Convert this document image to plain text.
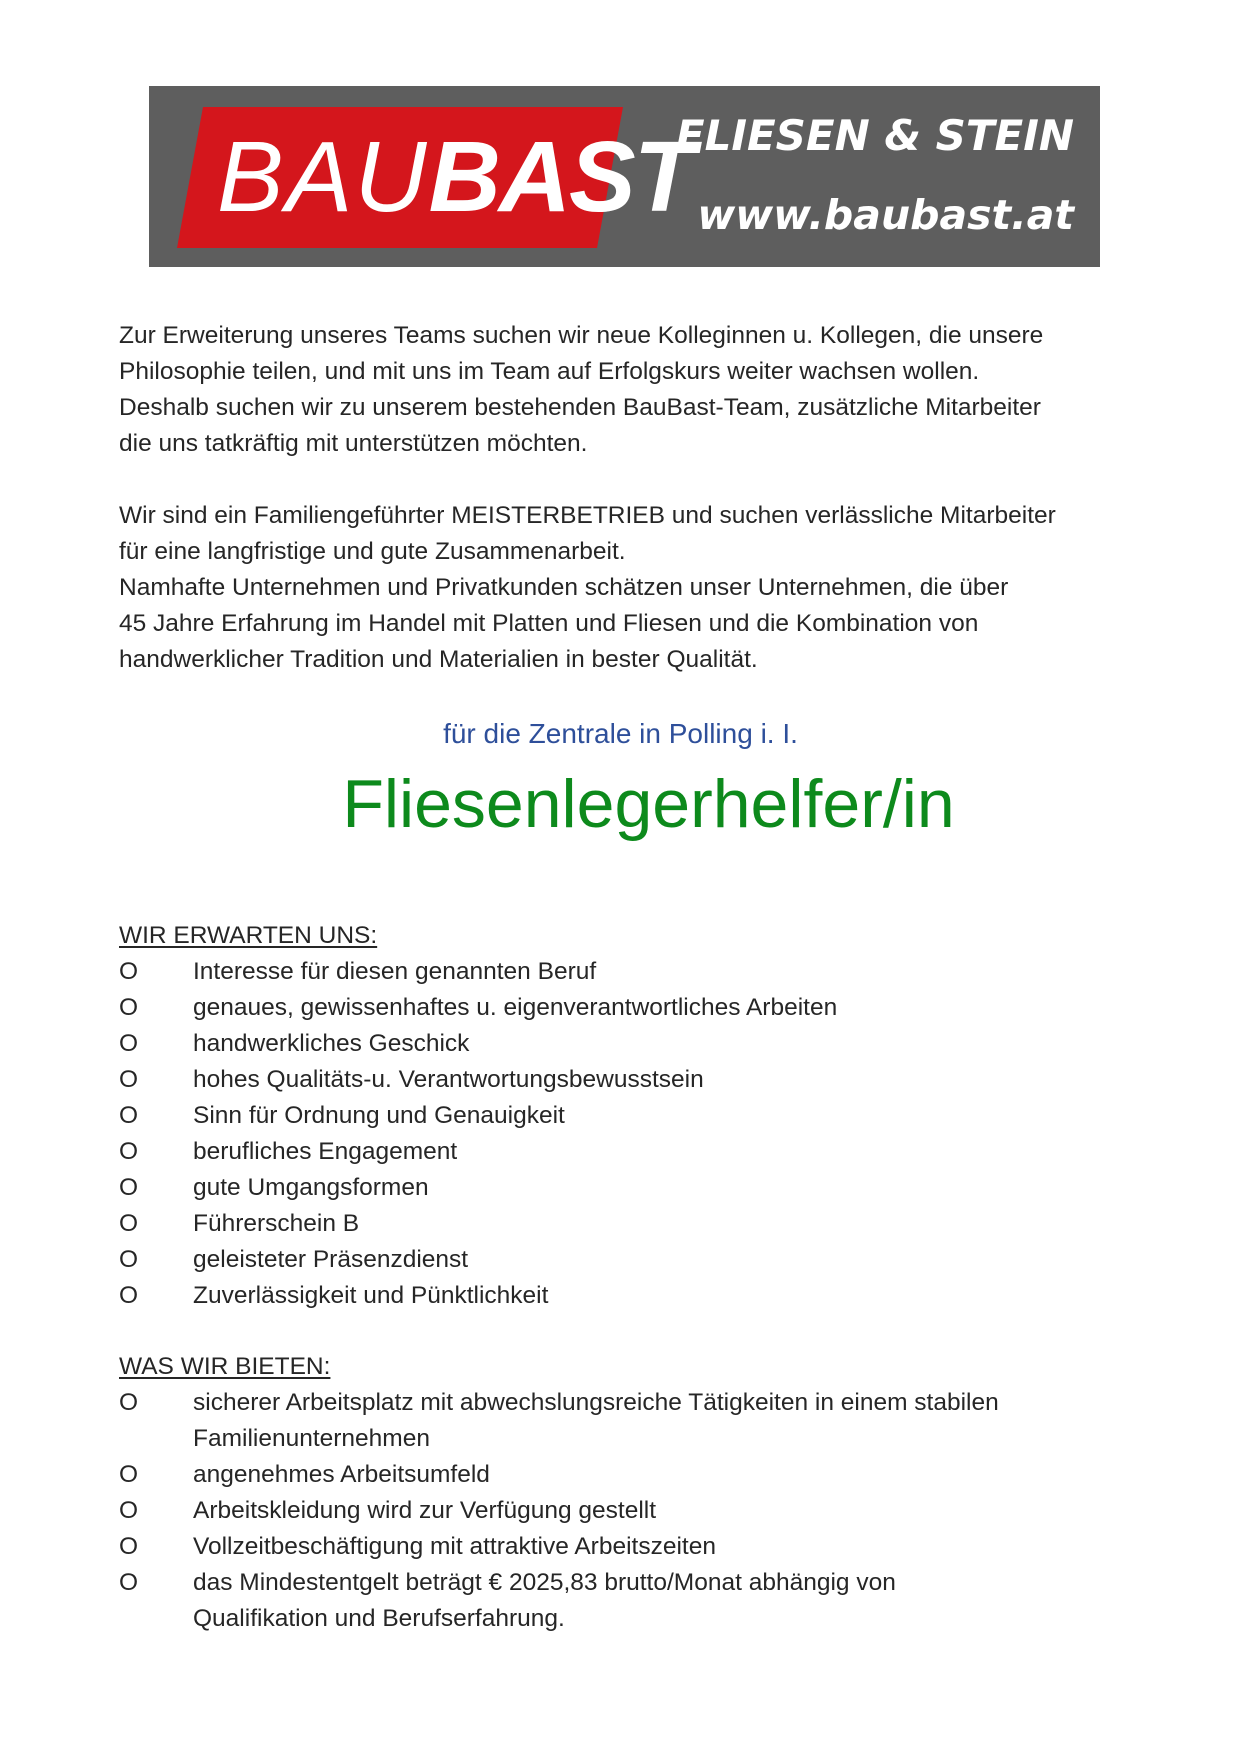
BAUBAST
FLIESEN & STEIN
www.baubast.at

Zur Erweiterung unseres Teams suchen wir neue Kolleginnen u. Kollegen, die unsere
Philosophie teilen, und mit uns im Team auf Erfolgskurs weiter wachsen wollen.
Deshalb suchen wir zu unserem bestehenden BauBast-Team, zusätzliche Mitarbeiter
die uns tatkräftig mit unterstützen möchten.

Wir sind ein Familiengeführter MEISTERBETRIEB und suchen verlässliche Mitarbeiter
für eine langfristige und gute Zusammenarbeit.
Namhafte Unternehmen und Privatkunden schätzen unser Unternehmen, die über
45 Jahre Erfahrung im Handel mit Platten und Fliesen und die Kombination von
handwerklicher Tradition und Materialien in bester Qualität.

für die Zentrale in Polling i. I.
Fliesenlegerhelfer/in
WIR ERWARTEN UNS:
O	Interesse für diesen genannten Beruf
O	genaues, gewissenhaftes u. eigenverantwortliches Arbeiten
O	handwerkliches Geschick
O	hohes Qualitäts-u. Verantwortungsbewusstsein
O	Sinn für Ordnung und Genauigkeit
O	berufliches Engagement
O	gute Umgangsformen
O	Führerschein B
O	geleisteter Präsenzdienst
O	Zuverlässigkeit und Pünktlichkeit
WAS WIR BIETEN:
O	sicherer Arbeitsplatz mit abwechslungsreiche Tätigkeiten in einem stabilen
Familienunternehmen
O	angenehmes Arbeitsumfeld
O	Arbeitskleidung wird zur Verfügung gestellt
O	Vollzeitbeschäftigung mit attraktive Arbeitszeiten
O	das Mindestentgelt beträgt € 2025,83 brutto/Monat abhängig von
Qualifikation und Berufserfahrung.
